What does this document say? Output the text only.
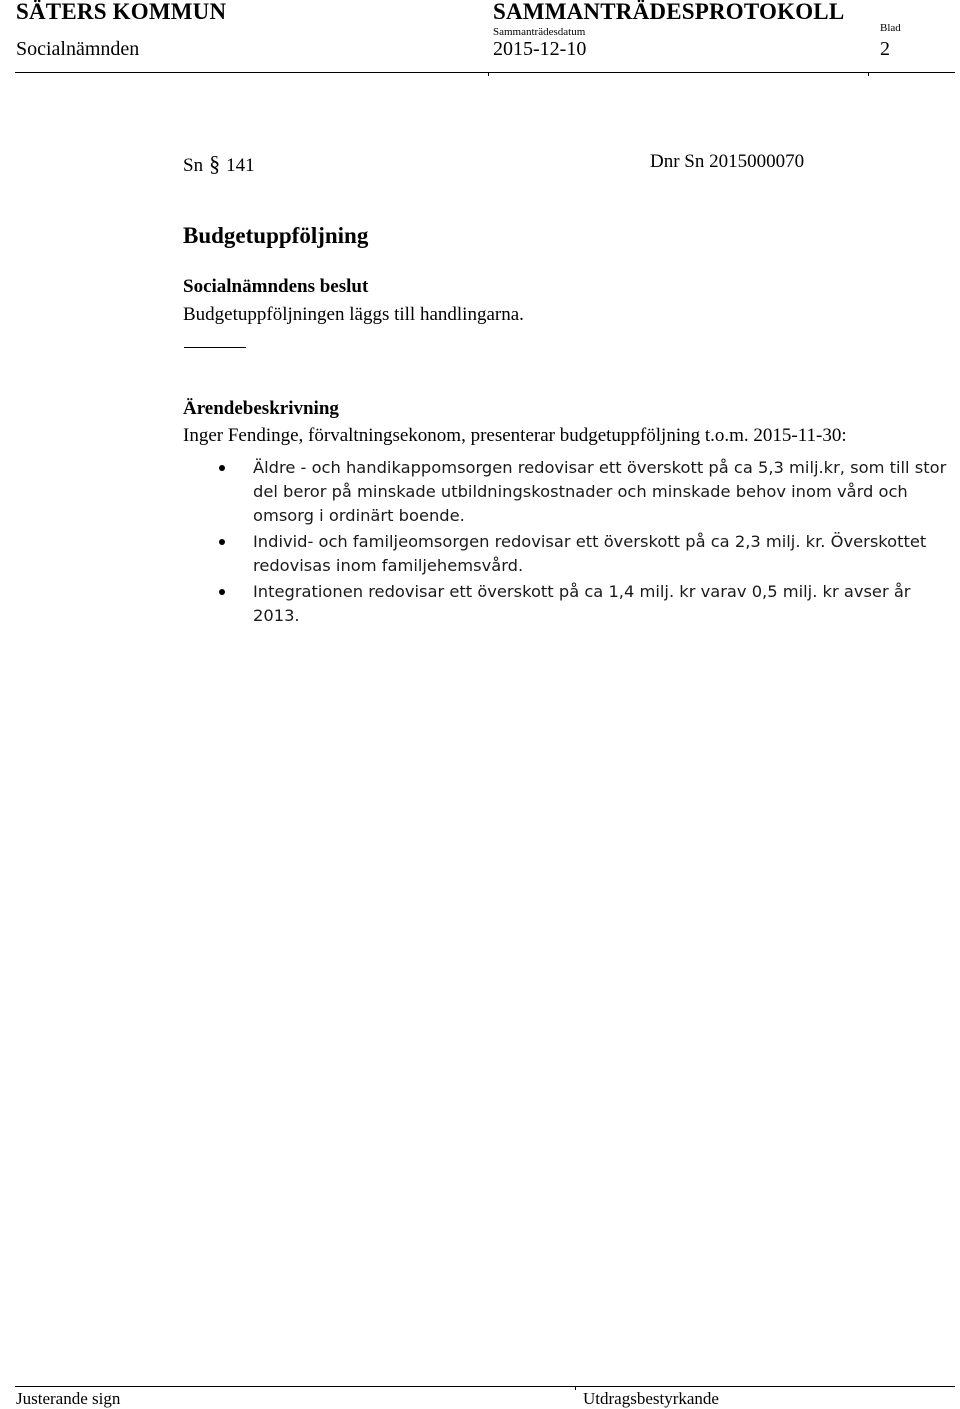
SÄTERS KOMMUN	SAMMANTRÄDESPROTOKOLL
Socialnämnden
Sammanträdesdatum
2015-12-10
Blad
2
Sn § 141	Dnr Sn 2015000070
Budgetuppföljning
Socialnämndens beslut
Budgetuppföljningen läggs till handlingarna.
Ärendebeskrivning
Inger Fendinge, förvaltningsekonom, presenterar budgetuppföljning t.o.m. 2015-11-30:
Äldre - och handikappomsorgen redovisar ett överskott på ca 5,3 milj.kr, som till stor del beror på minskade utbildningskostnader och minskade behov inom vård och omsorg i ordinärt boende.
Individ- och familjeomsorgen redovisar ett överskott på ca 2,3 milj. kr. Överskottet redovisas inom familjehemsvård.
Integrationen redovisar ett överskott på ca 1,4 milj. kr varav 0,5 milj. kr avser år 2013.
Justerande sign	Utdragsbestyrkande
